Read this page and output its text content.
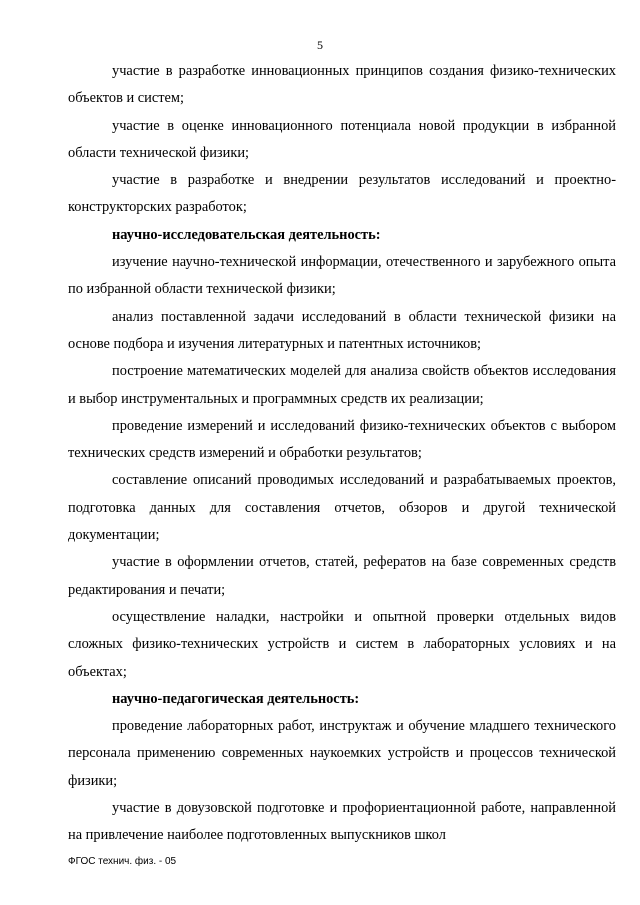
5

участие в разработке инновационных принципов создания физико-технических объектов и систем;

участие в оценке инновационного потенциала новой продукции в избранной области технической физики;

участие в разработке и внедрении результатов исследований и проектно-конструкторских разработок;

научно-исследовательская деятельность:

изучение научно-технической информации, отечественного и зарубежного опыта по избранной области технической физики;

анализ поставленной задачи исследований в области технической физики на основе подбора и изучения литературных и патентных источников;

построение математических моделей для анализа свойств объектов исследования и выбор инструментальных и программных средств их реализации;

проведение измерений и исследований физико-технических объектов с выбором технических средств измерений и обработки результатов;

составление описаний проводимых исследований и разрабатываемых проектов, подготовка данных для составления отчетов, обзоров и другой технической документации;

участие в оформлении отчетов, статей, рефератов на базе современных средств редактирования и печати;

осуществление наладки, настройки и опытной проверки отдельных видов сложных физико-технических устройств и систем в лабораторных условиях и на объектах;

научно-педагогическая деятельность:

проведение лабораторных работ, инструктаж и обучение младшего технического персонала применению современных наукоемких устройств и процессов технической физики;

участие в довузовской подготовке и профориентационной работе, направленной на привлечение наиболее подготовленных выпускников школ

ФГОС технич. физ. - 05
